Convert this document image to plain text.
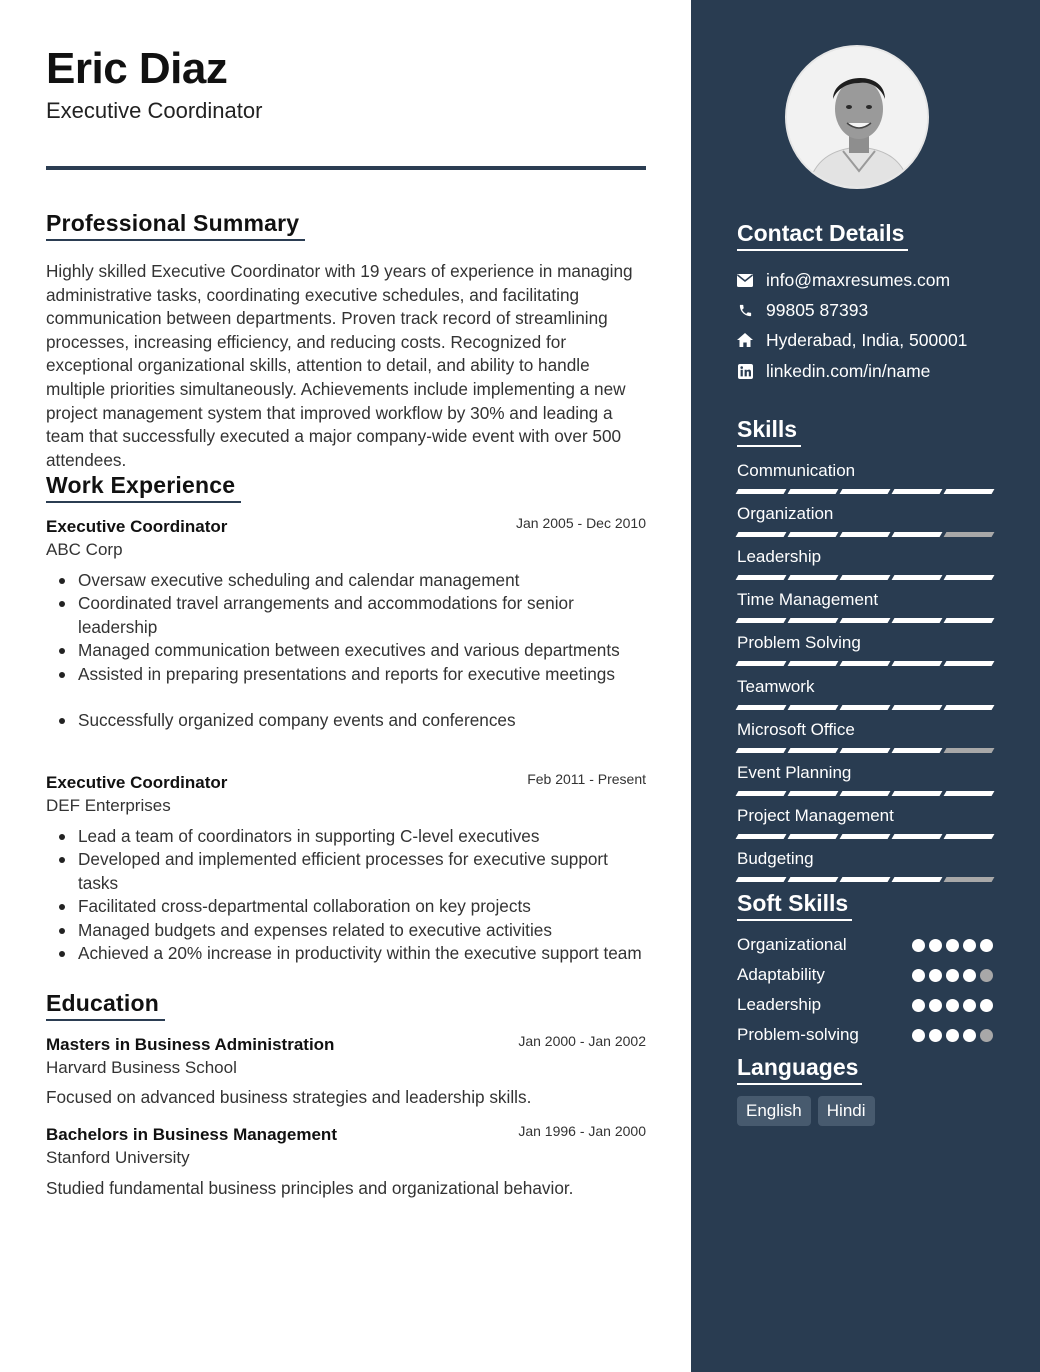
Eric Diaz
Executive Coordinator
Professional Summary
Highly skilled Executive Coordinator with 19 years of experience in managing administrative tasks, coordinating executive schedules, and facilitating communication between departments. Proven track record of streamlining processes, increasing efficiency, and reducing costs. Recognized for exceptional organizational skills, attention to detail, and ability to handle multiple priorities simultaneously. Achievements include implementing a new project management system that improved workflow by 30% and leading a team that successfully executed a major company-wide event with over 500 attendees.
Work Experience
Executive Coordinator	Jan 2005 - Dec 2010
ABC Corp
Oversaw executive scheduling and calendar management
Coordinated travel arrangements and accommodations for senior leadership
Managed communication between executives and various departments
Assisted in preparing presentations and reports for executive meetings
Successfully organized company events and conferences
Executive Coordinator	Feb 2011 - Present
DEF Enterprises
Lead a team of coordinators in supporting C-level executives
Developed and implemented efficient processes for executive support tasks
Facilitated cross-departmental collaboration on key projects
Managed budgets and expenses related to executive activities
Achieved a 20% increase in productivity within the executive support team
Education
Masters in Business Administration	Jan 2000 - Jan 2002
Harvard Business School
Focused on advanced business strategies and leadership skills.
Bachelors in Business Management	Jan 1996 - Jan 2000
Stanford University
Studied fundamental business principles and organizational behavior.
Contact Details
info@maxresumes.com
99805 87393
Hyderabad, India, 500001
linkedin.com/in/name
Skills
Communication
Organization
Leadership
Time Management
Problem Solving
Teamwork
Microsoft Office
Event Planning
Project Management
Budgeting
Soft Skills
Organizational
Adaptability
Leadership
Problem-solving
Languages
English	Hindi
